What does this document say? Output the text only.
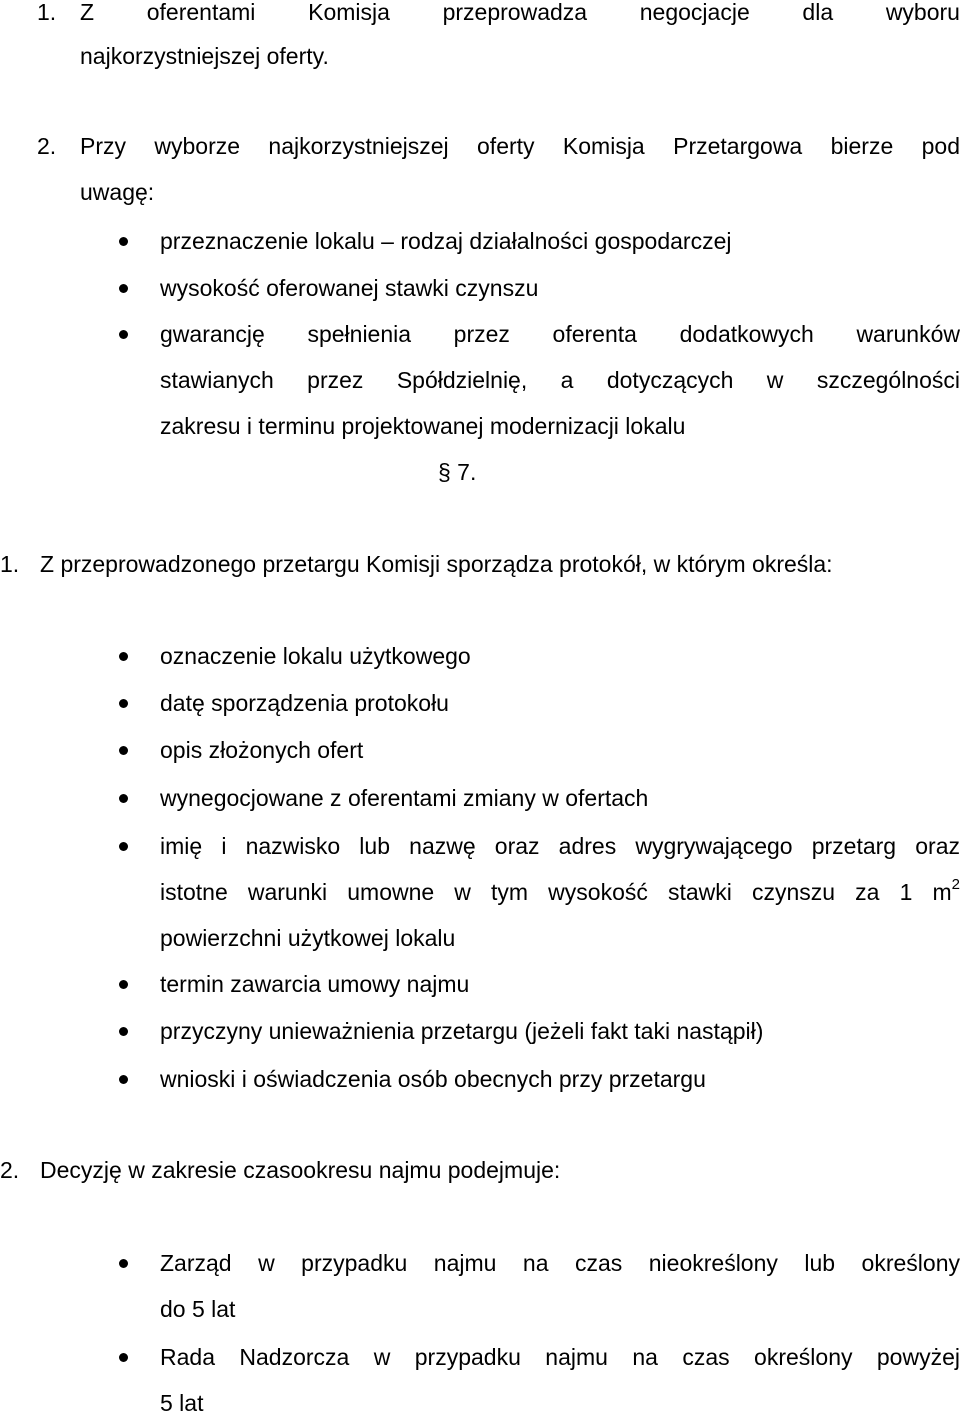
1. Z oferentami Komisja przeprowadza negocjacje dla wyboru
najkorzystniejszej oferty.
2. Przy wyborze najkorzystniejszej oferty Komisja Przetargowa bierze pod
uwagę:
przeznaczenie lokalu – rodzaj działalności gospodarczej
wysokość oferowanej stawki czynszu
gwarancję spełnienia przez oferenta dodatkowych warunków
stawianych przez Spółdzielnię, a dotyczących w szczególności
zakresu i terminu projektowanej modernizacji lokalu
§ 7.
1. Z przeprowadzonego przetargu Komisji sporządza protokół, w którym określa:
oznaczenie lokalu użytkowego
datę sporządzenia protokołu
opis złożonych ofert
wynegocjowane z oferentami zmiany w ofertach
imię i nazwisko lub nazwę oraz adres wygrywającego przetarg oraz
istotne warunki umowne w tym wysokość stawki czynszu za 1 $m^2$
powierzchni użytkowej lokalu
termin zawarcia umowy najmu
przyczyny unieważnienia przetargu (jeżeli fakt taki nastąpił)
wnioski i oświadczenia osób obecnych przy przetargu
2. Decyzję w zakresie czasookresu najmu podejmuje:
Zarząd w przypadku najmu na czas nieokreślony lub określony
do 5 lat
Rada Nadzorcza w przypadku najmu na czas określony powyżej
5 lat
